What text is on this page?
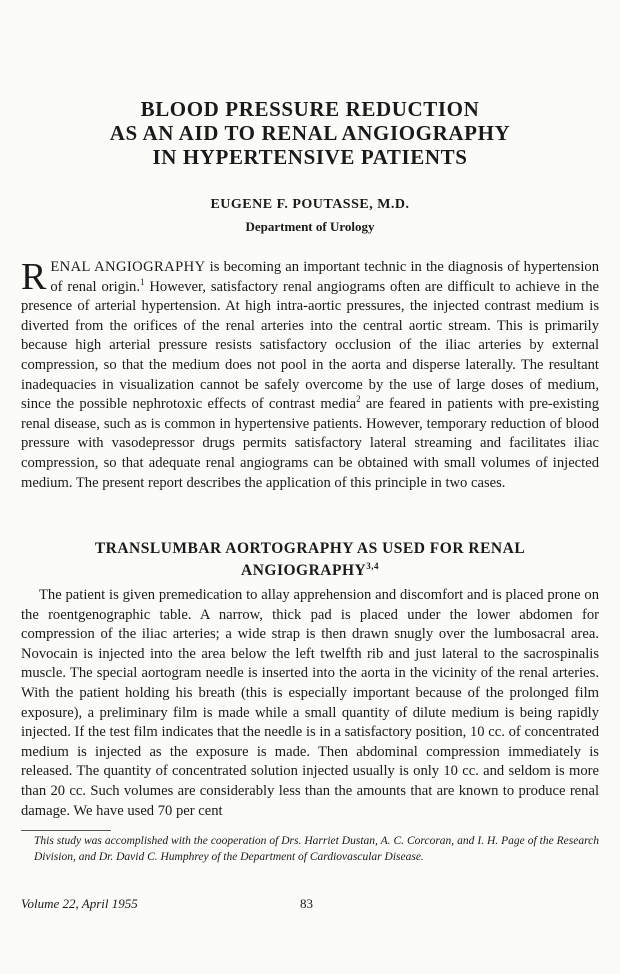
BLOOD PRESSURE REDUCTION
AS AN AID TO RENAL ANGIOGRAPHY
IN HYPERTENSIVE PATIENTS
EUGENE F. POUTASSE, M.D.
Department of Urology
RENAL ANGIOGRAPHY is becoming an important technic in the diagnosis of hypertension of renal origin.$^1$ However, satisfactory renal angiograms often are difficult to achieve in the presence of arterial hypertension. At high intra-aortic pressures, the injected contrast medium is diverted from the orifices of the renal arteries into the central aortic stream. This is primarily because high arterial pressure resists satisfactory occlusion of the iliac arteries by external compression, so that the medium does not pool in the aorta and disperse laterally. The resultant inadequacies in visualization cannot be safely overcome by the use of large doses of medium, since the possible nephrotoxic effects of contrast media$^2$ are feared in patients with pre-existing renal disease, such as is common in hypertensive patients. However, temporary reduction of blood pressure with vasodepressor drugs permits satisfactory lateral streaming and facilitates iliac compression, so that adequate renal angiograms can be obtained with small volumes of injected medium. The present report describes the application of this principle in two cases.
TRANSLUMBAR AORTOGRAPHY AS USED FOR RENAL
ANGIOGRAPHY$^{3,4}$
The patient is given premedication to allay apprehension and discomfort and is placed prone on the roentgenographic table. A narrow, thick pad is placed under the lower abdomen for compression of the iliac arteries; a wide strap is then drawn snugly over the lumbosacral area. Novocain is injected into the area below the left twelfth rib and just lateral to the sacrospinalis muscle. The special aortogram needle is inserted into the aorta in the vicinity of the renal arteries. With the patient holding his breath (this is especially important because of the prolonged film exposure), a preliminary film is made while a small quantity of dilute medium is being rapidly injected. If the test film indicates that the needle is in a satisfactory position, 10 cc. of concentrated medium is injected as the exposure is made. Then abdominal compression immediately is released. The quantity of concentrated solution injected usually is only 10 cc. and seldom is more than 20 cc. Such volumes are considerably less than the amounts that are known to produce renal damage. We have used 70 per cent
This study was accomplished with the cooperation of Drs. Harriet Dustan, A. C. Corcoran, and I. H. Page of the Research Division, and Dr. David C. Humphrey of the Department of Cardiovascular Disease.
Volume 22, April 1955	83
